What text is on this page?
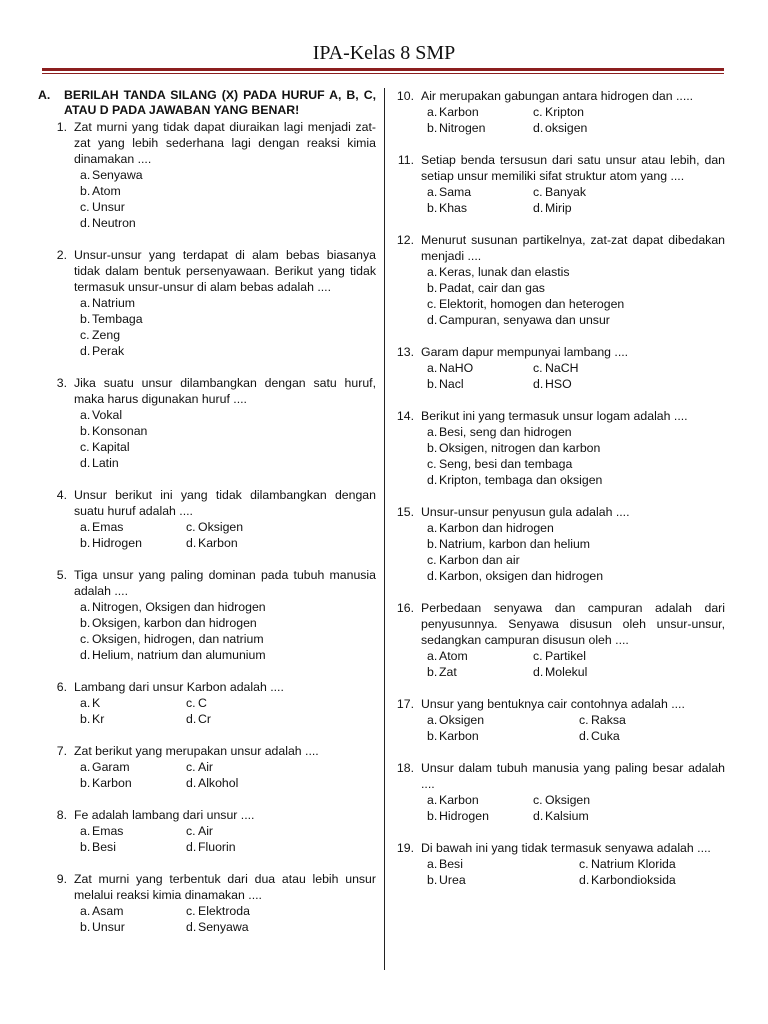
IPA-Kelas 8 SMP
A.	BERILAH TANDA SILANG (X) PADA HURUF A, B, C, ATAU D PADA JAWABAN YANG BENAR!
1. Zat murni yang tidak dapat diuraikan lagi menjadi zat-zat yang lebih sederhana lagi dengan reaksi kimia dinamakan ....
a. Senyawa
b. Atom
c. Unsur
d. Neutron
2. Unsur-unsur yang terdapat di alam bebas biasanya tidak dalam bentuk persenyawaan. Berikut yang tidak termasuk unsur-unsur di alam bebas adalah ....
a. Natrium
b. Tembaga
c. Zeng
d. Perak
3. Jika suatu unsur dilambangkan dengan satu huruf, maka harus digunakan huruf ....
a. Vokal
b. Konsonan
c. Kapital
d. Latin
4. Unsur berikut ini yang tidak dilambangkan dengan suatu huruf adalah ....
a. Emas	c. Oksigen
b. Hidrogen	d. Karbon
5. Tiga unsur yang paling dominan pada tubuh manusia adalah ....
a. Nitrogen, Oksigen dan hidrogen
b. Oksigen, karbon dan hidrogen
c. Oksigen, hidrogen, dan natrium
d. Helium, natrium dan alumunium
6. Lambang dari unsur Karbon adalah ....
a. K	c. C
b. Kr	d. Cr
7. Zat berikut yang merupakan unsur adalah ....
a. Garam	c. Air
b. Karbon	d. Alkohol
8. Fe adalah lambang dari unsur ....
a. Emas	c. Air
b. Besi	d. Fluorin
9. Zat murni yang terbentuk dari dua atau lebih unsur melalui reaksi kimia dinamakan ....
a. Asam	c. Elektroda
b. Unsur	d. Senyawa
10. Air merupakan gabungan antara hidrogen dan .....
a. Karbon	c. Kripton
b. Nitrogen	d. oksigen
11. Setiap benda tersusun dari satu unsur atau lebih, dan setiap unsur memiliki sifat struktur atom yang ....
a. Sama	c. Banyak
b. Khas	d. Mirip
12. Menurut susunan partikelnya, zat-zat dapat dibedakan menjadi ....
a. Keras, lunak dan elastis
b. Padat, cair dan gas
c. Elektorit, homogen dan heterogen
d. Campuran, senyawa dan unsur
13. Garam dapur mempunyai lambang ....
a. NaHO	c. NaCH
b. Nacl	d. HSO
14. Berikut ini yang termasuk unsur logam adalah ....
a. Besi, seng dan hidrogen
b. Oksigen, nitrogen dan karbon
c. Seng, besi dan tembaga
d. Kripton, tembaga dan oksigen
15. Unsur-unsur penyusun gula adalah ....
a. Karbon dan hidrogen
b. Natrium, karbon dan helium
c. Karbon dan air
d. Karbon, oksigen dan hidrogen
16. Perbedaan senyawa dan campuran adalah dari penyusunnya. Senyawa disusun oleh unsur-unsur, sedangkan campuran disusun oleh ....
a. Atom	c. Partikel
b. Zat	d. Molekul
17. Unsur yang bentuknya cair contohnya adalah ....
a. Oksigen	c. Raksa
b. Karbon	d. Cuka
18. Unsur dalam tubuh manusia yang paling besar adalah ....
a. Karbon	c. Oksigen
b. Hidrogen	d. Kalsium
19. Di bawah ini yang tidak termasuk senyawa adalah ....
a. Besi	c. Natrium Klorida
b. Urea	d. Karbondioksida
